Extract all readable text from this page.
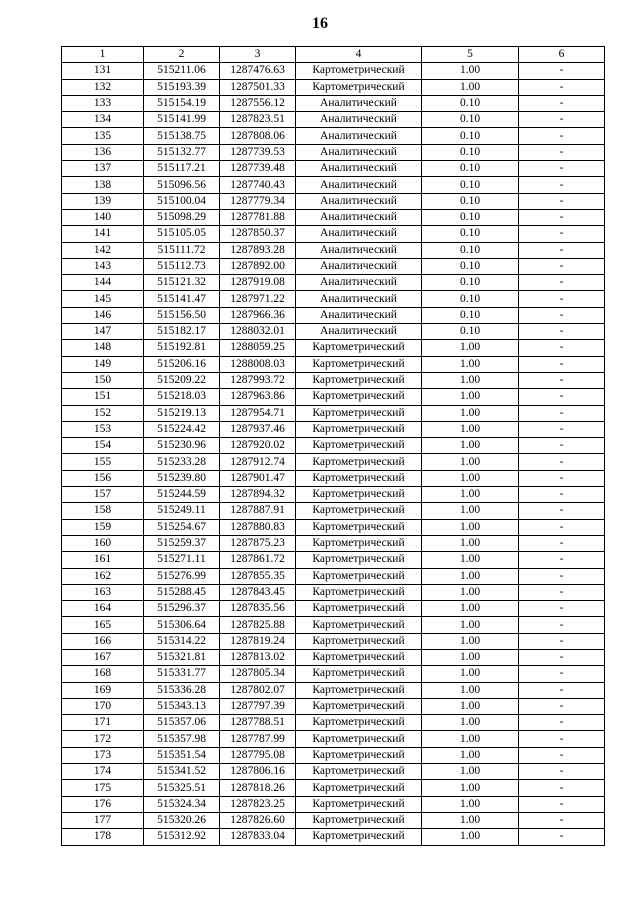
16
1	2	3	4	5	6
131	515211.06	1287476.63	Картометрический	1.00	-
132	515193.39	1287501.33	Картометрический	1.00	-
133	515154.19	1287556.12	Аналитический	0.10	-
134	515141.99	1287823.51	Аналитический	0.10	-
135	515138.75	1287808.06	Аналитический	0.10	-
136	515132.77	1287739.53	Аналитический	0.10	-
137	515117.21	1287739.48	Аналитический	0.10	-
138	515096.56	1287740.43	Аналитический	0.10	-
139	515100.04	1287779.34	Аналитический	0.10	-
140	515098.29	1287781.88	Аналитический	0.10	-
141	515105.05	1287850.37	Аналитический	0.10	-
142	515111.72	1287893.28	Аналитический	0.10	-
143	515112.73	1287892.00	Аналитический	0.10	-
144	515121.32	1287919.08	Аналитический	0.10	-
145	515141.47	1287971.22	Аналитический	0.10	-
146	515156.50	1287966.36	Аналитический	0.10	-
147	515182.17	1288032.01	Аналитический	0.10	-
148	515192.81	1288059.25	Картометрический	1.00	-
149	515206.16	1288008.03	Картометрический	1.00	-
150	515209.22	1287993.72	Картометрический	1.00	-
151	515218.03	1287963.86	Картометрический	1.00	-
152	515219.13	1287954.71	Картометрический	1.00	-
153	515224.42	1287937.46	Картометрический	1.00	-
154	515230.96	1287920.02	Картометрический	1.00	-
155	515233.28	1287912.74	Картометрический	1.00	-
156	515239.80	1287901.47	Картометрический	1.00	-
157	515244.59	1287894.32	Картометрический	1.00	-
158	515249.11	1287887.91	Картометрический	1.00	-
159	515254.67	1287880.83	Картометрический	1.00	-
160	515259.37	1287875.23	Картометрический	1.00	-
161	515271.11	1287861.72	Картометрический	1.00	-
162	515276.99	1287855.35	Картометрический	1.00	-
163	515288.45	1287843.45	Картометрический	1.00	-
164	515296.37	1287835.56	Картометрический	1.00	-
165	515306.64	1287825.88	Картометрический	1.00	-
166	515314.22	1287819.24	Картометрический	1.00	-
167	515321.81	1287813.02	Картометрический	1.00	-
168	515331.77	1287805.34	Картометрический	1.00	-
169	515336.28	1287802.07	Картометрический	1.00	-
170	515343.13	1287797.39	Картометрический	1.00	-
171	515357.06	1287788.51	Картометрический	1.00	-
172	515357.98	1287787.99	Картометрический	1.00	-
173	515351.54	1287795.08	Картометрический	1.00	-
174	515341.52	1287806.16	Картометрический	1.00	-
175	515325.51	1287818.26	Картометрический	1.00	-
176	515324.34	1287823.25	Картометрический	1.00	-
177	515320.26	1287826.60	Картометрический	1.00	-
178	515312.92	1287833.04	Картометрический	1.00	-
